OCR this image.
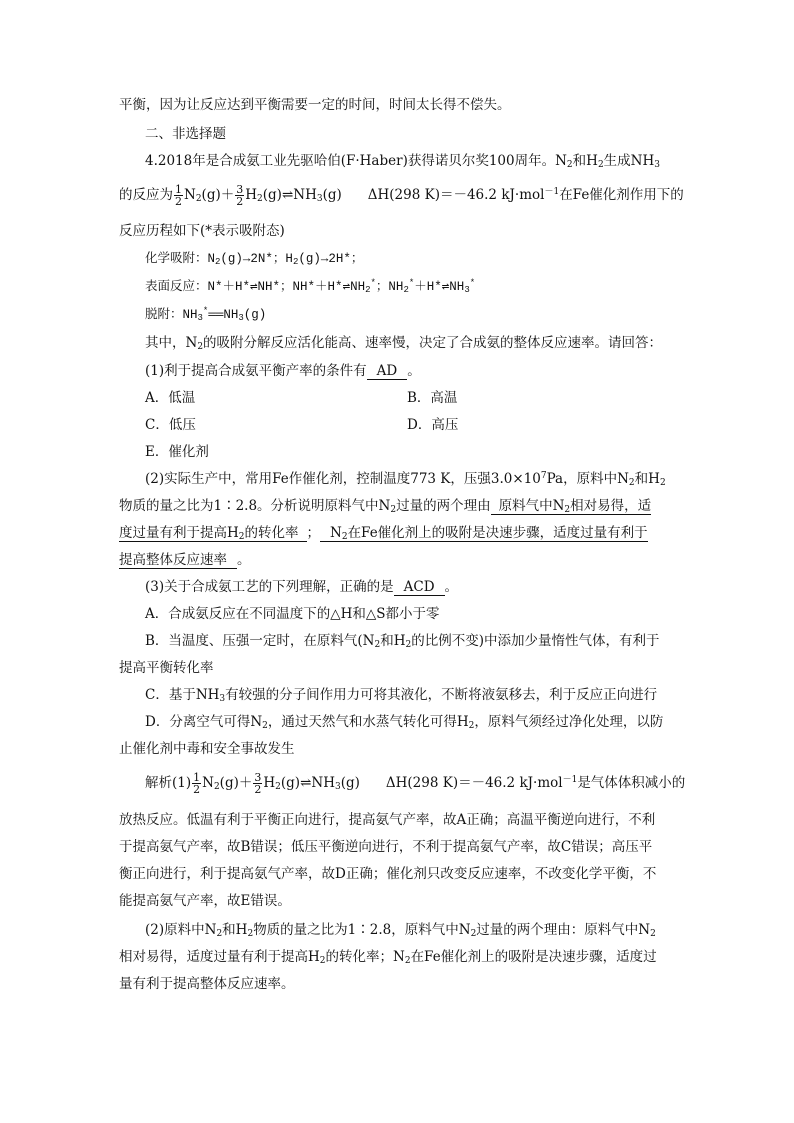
平衡，因为让反应达到平衡需要一定的时间，时间太长得不偿失。
二、非选择题
4.2018年是合成氨工业先驱哈伯(F·Haber)获得诺贝尔奖100周年。$N_2$和$H_2$生成$NH_3$
的反应为 $\frac{1}{2} N_2(g)+ \frac{3}{2}$ $H_2(g)\rightleftharpoons NH_3(g)$ ΔH(298 K)＝－46.2 kJ·mol$^{-1}$在Fe催化剂作用下的
反应历程如下(*表示吸附态)
化学吸附：$N_2(g)\to 2N*$；$H_2(g)\to 2H*$；
表面反应：N*＋H*⇌NH*；$NH*+H*\rightleftharpoons NH_2^*$；$NH_2^*+H*\rightleftharpoons NH_3^*$
脱附：$NH_3^*══NH_3(g)$
其中，$N_2$的吸附分解反应活化能高、速率慢，决定了合成氨的整体反应速率。请回答：
(1)利于提高合成氨平衡产率的条件有 AD 。
A．低温	B．高温
C．低压	D．高压
E．催化剂
(2)实际生产中，常用Fe作催化剂，控制温度773 K，压强$3.0\times 10^7Pa$，原料中$N_2$和$H_2$
物质的量之比为1∶2.8。分析说明原料气中$N_2$过量的两个理由 原料气中$N_2$相对易得，适
度过量有利于提高$H_2$的转化率 ； $N_2$在Fe催化剂上的吸附是决速步骤，适度过量有利于
提高整体反应速率 。
(3)关于合成氨工艺的下列理解，正确的是 ACD 。
A．合成氨反应在不同温度下的△H和△S都小于零
B．当温度、压强一定时，在原料气($N_2$和$H_2$的比例不变)中添加少量惰性气体，有利于
提高平衡转化率
C．基于$NH_3$有较强的分子间作用力可将其液化，不断将液氨移去，利于反应正向进行
D．分离空气可得$N_2$，通过天然气和水蒸气转化可得$H_2$，原料气须经过净化处理，以防
止催化剂中毒和安全事故发生
解析$(1) \frac{1}{2} N_2(g)+ \frac{3}{2}$ $H_2(g)\rightleftharpoons NH_3(g)$ ΔH(298 K)＝－46.2 kJ·mol$^{-1}$是气体体积减小的
放热反应。低温有利于平衡正向进行，提高氨气产率，故A正确；高温平衡逆向进行，不利
于提高氨气产率，故B错误；低压平衡逆向进行，不利于提高氨气产率，故C错误；高压平
衡正向进行，利于提高氨气产率，故D正确；催化剂只改变反应速率，不改变化学平衡，不
能提高氨气产率，故E错误。
(2)原料中$N_2$和$H_2$物质的量之比为1∶2.8，原料气中$N_2$过量的两个理由：原料气中$N_2$
相对易得，适度过量有利于提高$H_2$的转化率；$N_2$在Fe催化剂上的吸附是决速步骤，适度过
量有利于提高整体反应速率。
